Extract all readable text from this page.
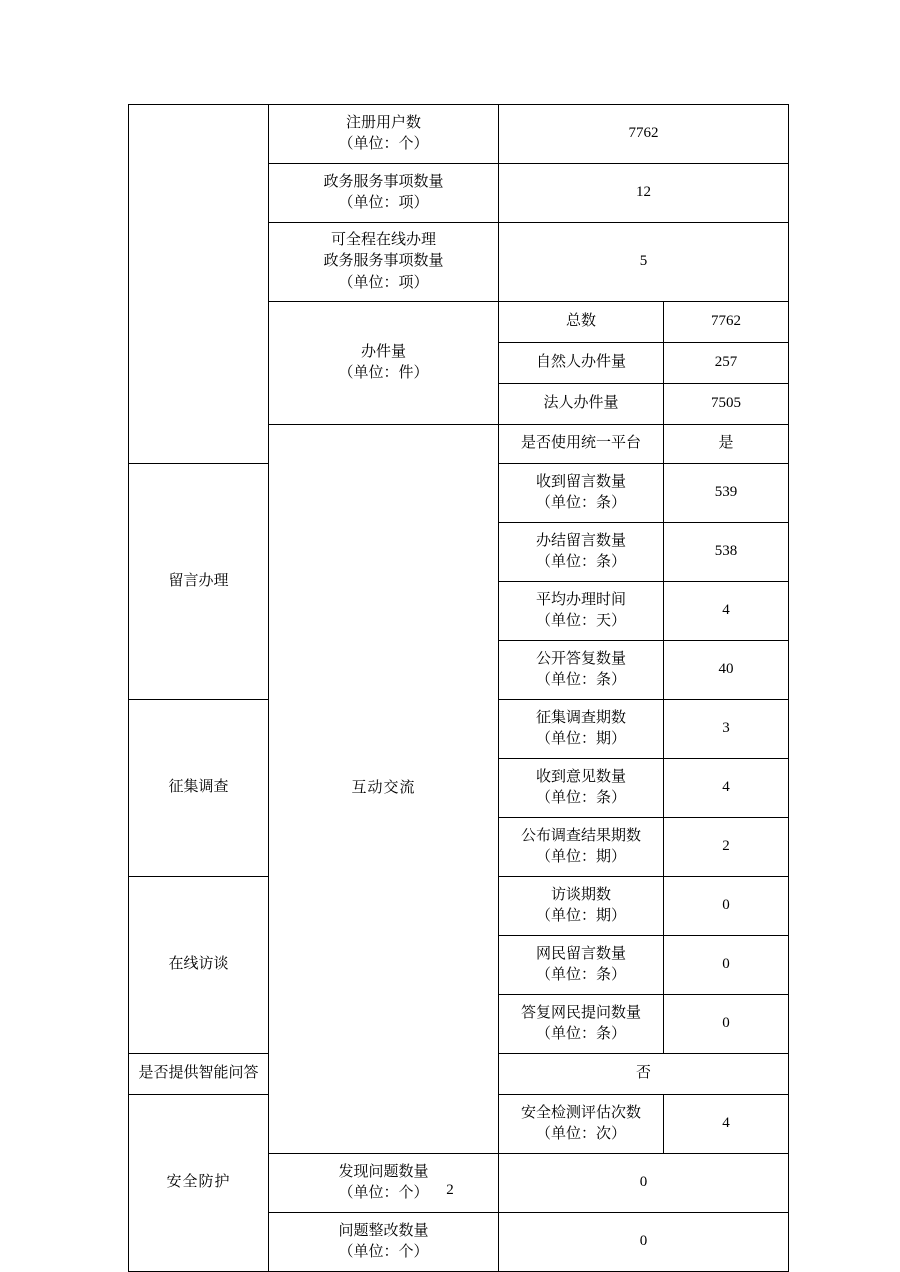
	注册用户数
（单位：个）	7762	

	政务服务事项数量
（单位：项）	12	

	可全程在线办理
政务服务事项数量
（单位：项）	5	

	办件量
（单位：件）	总数	7762
		自然人办件量	257
		法人办件量	7505
	互动交流	是否使用统一平台	是
留言办理		收到留言数量
（单位：条）	539

		办结留言数量
（单位：条）	538

		平均办理时间
（单位：天）	4

		公开答复数量
（单位：条）	40
征集调查		征集调查期数
（单位：期）	3

		收到意见数量
（单位：条）	4

		公布调查结果期数
（单位：期）	2
在线访谈		访谈期数
（单位：期）	0

		网民留言数量
（单位：条）	0

		答复网民提问数量
（单位：条）	0
是否提供智能问答		否	
安全防护		安全检测评估次数
（单位：次）	4

	发现问题数量
（单位：个）	0	

	问题整改数量
（单位：个）	0	
2
